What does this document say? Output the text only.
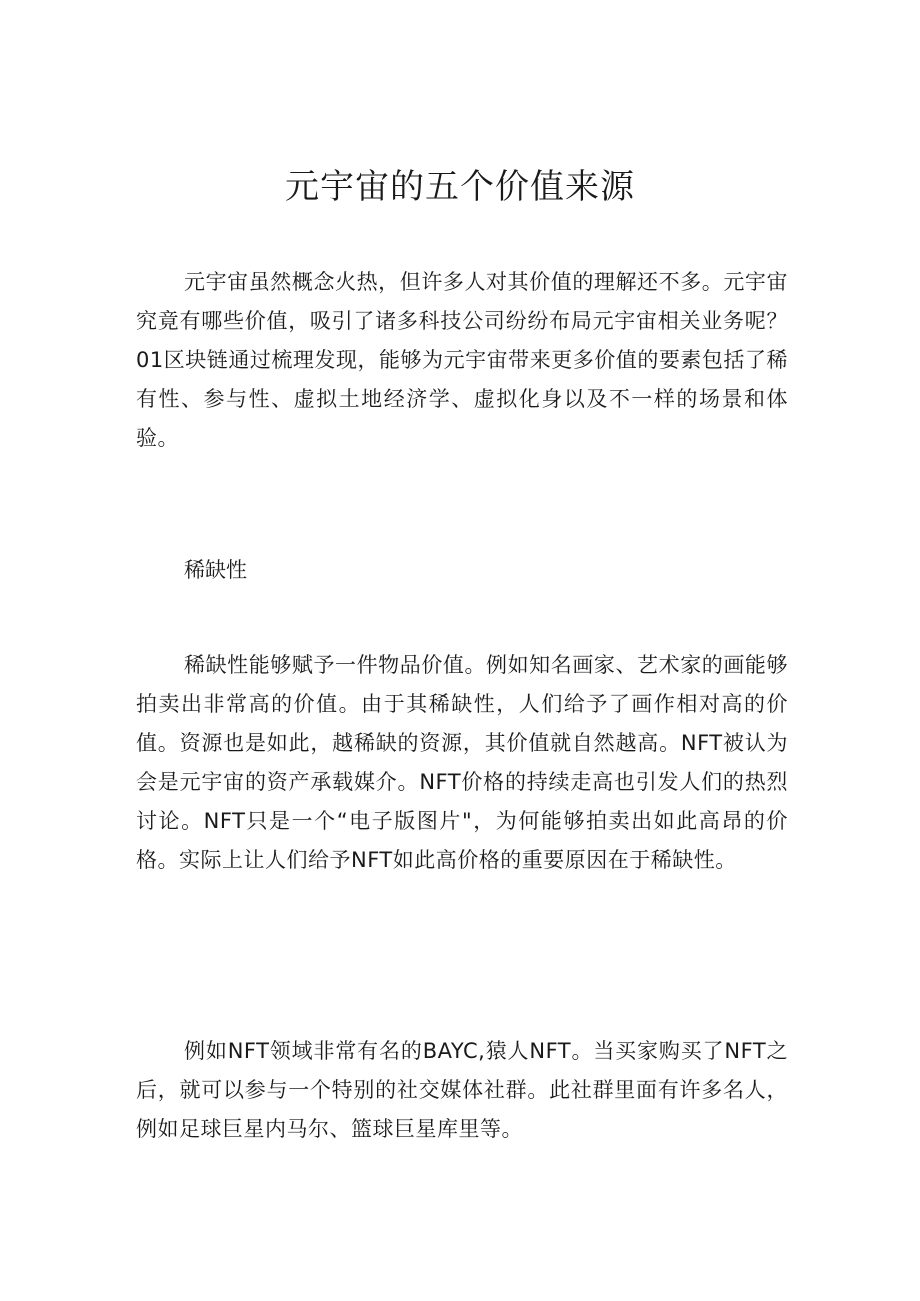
元宇宙的五个价值来源

元宇宙虽然概念火热，但许多人对其价值的理解还不多。元宇宙究竟有哪些价值，吸引了诸多科技公司纷纷布局元宇宙相关业务呢？01区块链通过梳理发现，能够为元宇宙带来更多价值的要素包括了稀有性、参与性、虚拟土地经济学、虚拟化身以及不一样的场景和体验。

稀缺性

稀缺性能够赋予一件物品价值。例如知名画家、艺术家的画能够拍卖出非常高的价值。由于其稀缺性，人们给予了画作相对高的价值。资源也是如此，越稀缺的资源，其价值就自然越高。NFT被认为会是元宇宙的资产承载媒介。NFT价格的持续走高也引发人们的热烈讨论。NFT只是一个“电子版图片"，为何能够拍卖出如此高昂的价格。实际上让人们给予NFT如此高价格的重要原因在于稀缺性。

例如NFT领域非常有名的BAYC,猿人NFT。当买家购买了NFT之后，就可以参与一个特别的社交媒体社群。此社群里面有许多名人，例如足球巨星内马尔、篮球巨星库里等。
